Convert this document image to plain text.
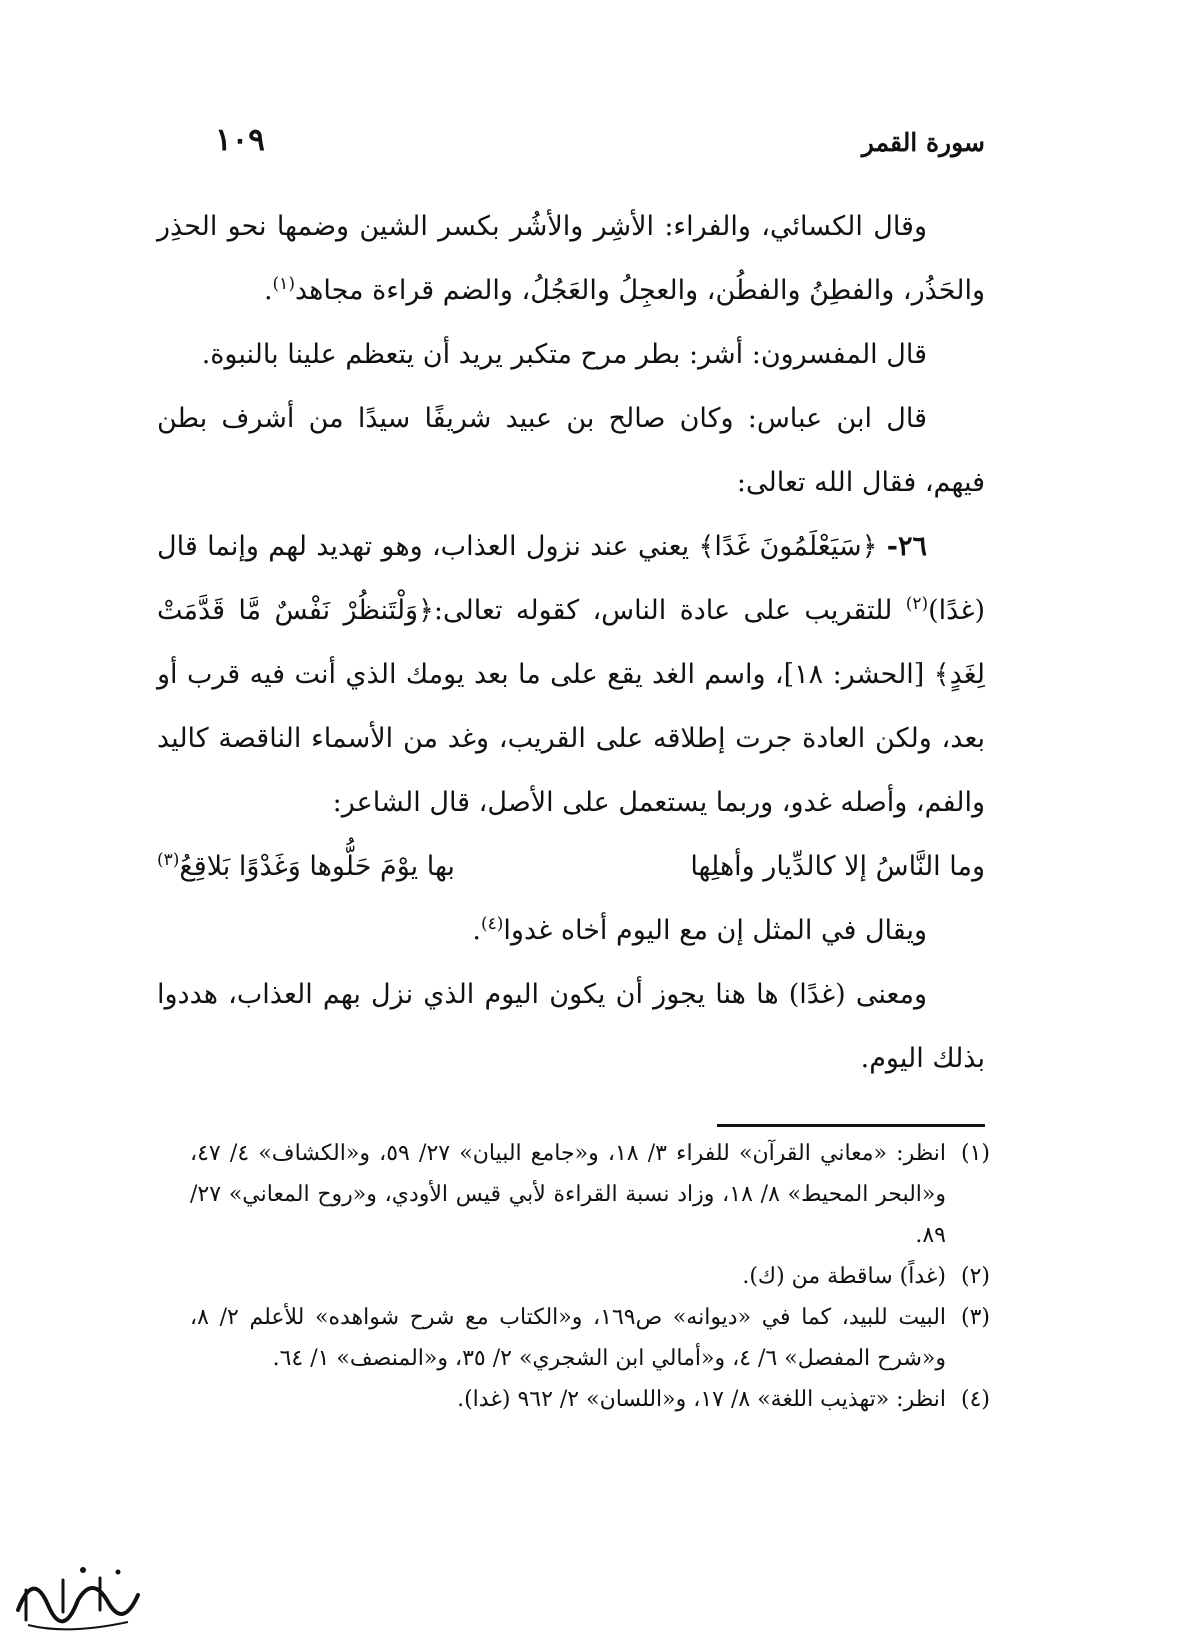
سورة القمر
١٠٩

وقال الكسائي، والفراء: الأشِر والأشُر بكسر الشين وضمها نحو الحذِر والحَذُر، والفطِنُ والفطُن، والعجِلُ والعَجُلُ، والضم قراءة مجاهد$^{(١)}$.

قال المفسرون: أشر: بطر مرح متكبر يريد أن يتعظم علينا بالنبوة.

قال ابن عباس: وكان صالح بن عبيد شريفًا سيدًا من أشرف بطن فيهم، فقال الله تعالى:

٢٦- ﴿سَيَعْلَمُونَ غَدًا﴾ يعني عند نزول العذاب، وهو تهديد لهم وإنما قال (غدًا)$^{(٢)}$ للتقريب على عادة الناس، كقوله تعالى:﴿وَلْتَنظُرْ نَفْسٌ مَّا قَدَّمَتْ لِغَدٍ﴾ [الحشر: ١٨]، واسم الغد يقع على ما بعد يومك الذي أنت فيه قرب أو بعد، ولكن العادة جرت إطلاقه على القريب، وغد من الأسماء الناقصة كاليد والفم، وأصله غدو، وربما يستعمل على الأصل، قال الشاعر:

وما النَّاسُ إلا كالدِّيار وأهلِها
بها يوْمَ حَلُّوها وَغَدْوًا بَلاقِعُ$^{(٣)}$

ويقال في المثل إن مع اليوم أخاه غدوا$^{(٤)}$.

ومعنى (غدًا) ها هنا يجوز أن يكون اليوم الذي نزل بهم العذاب، هددوا بذلك اليوم.

(١)
انظر: «معاني القرآن» للفراء ٣/ ١٨، و«جامع البيان» ٢٧/ ٥٩، و«الكشاف» ٤/ ٤٧، و«البحر المحيط» ٨/ ١٨، وزاد نسبة القراءة لأبي قيس الأودي، و«روح المعاني» ٢٧/ ٨٩.
(٢)
(غداً) ساقطة من (ك).
(٣)
البيت للبيد، كما في «ديوانه» ص١٦٩، و«الكتاب مع شرح شواهده» للأعلم ٢/ ٨، و«شرح المفصل» ٦/ ٤، و«أمالي ابن الشجري» ٢/ ٣٥، و«المنصف» ١/ ٦٤.
(٤)
انظر: «تهذيب اللغة» ٨/ ١٧، و«اللسان» ٢/ ٩٦٢ (غدا).
